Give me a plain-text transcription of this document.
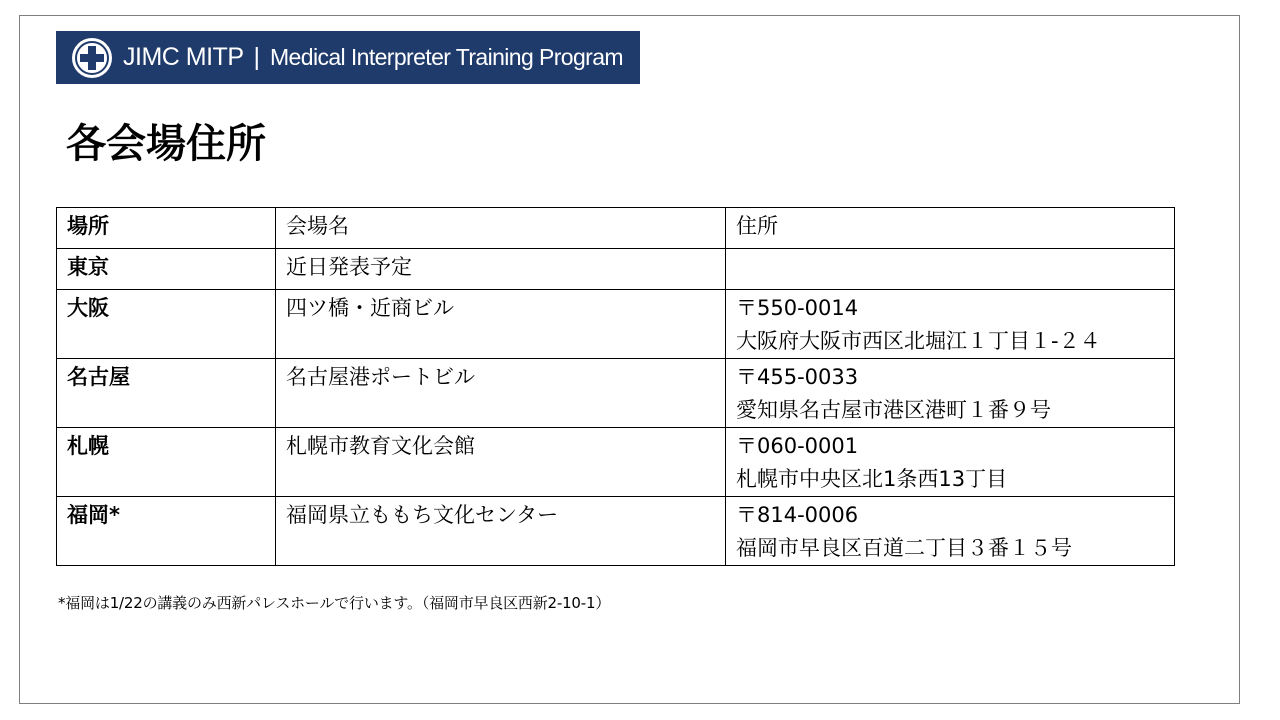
JIMC MITP | Medical Interpreter Training Program
各会場住所
場所	会場名	住所
東京	近日発表予定	

大阪	四ツ橋・近商ビル	〒550-0014
大阪府大阪市西区北堀江１丁目１-２４

名古屋	名古屋港ポートビル	〒455-0033
愛知県名古屋市港区港町１番９号

札幌	札幌市教育文化会館	〒060-0001
札幌市中央区北1条西13丁目

福岡*	福岡県立ももち文化センター	〒814-0006
福岡市早良区百道二丁目３番１５号
*福岡は1/22の講義のみ西新パレスホールで行います。（福岡市早良区西新2-10-1）
